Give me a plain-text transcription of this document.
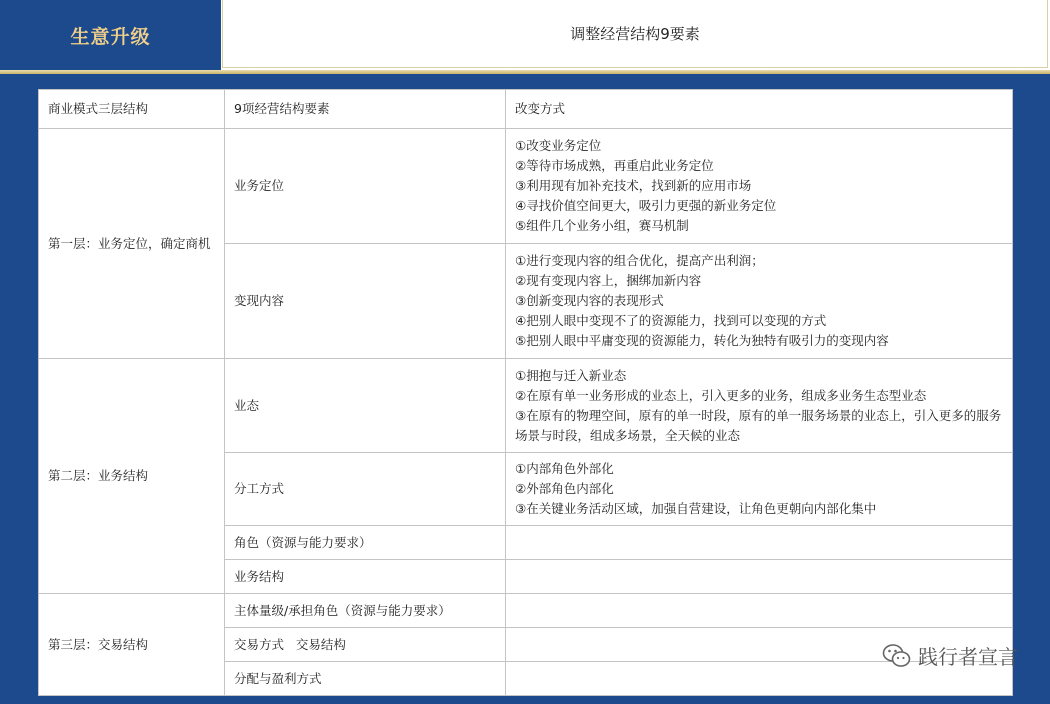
生意升级	调整经营结构9要素
商业模式三层结构	9项经营结构要素	改变方式
第一层：业务定位，确定商机	业务定位	①改变业务定位
②等待市场成熟，再重启此业务定位
③利用现有加补充技术，找到新的应用市场
④寻找价值空间更大，吸引力更强的新业务定位
⑤组件几个业务小组，赛马机制

	变现内容	①进行变现内容的组合优化，提高产出利润；
②现有变现内容上，捆绑加新内容
③创新变现内容的表现形式
④把别人眼中变现不了的资源能力，找到可以变现的方式
⑤把别人眼中平庸变现的资源能力，转化为独特有吸引力的变现内容

第二层：业务结构	业态	①拥抱与迁入新业态
②在原有单一业务形成的业态上，引入更多的业务，组成多业务生态型业态
③在原有的物理空间，原有的单一时段，原有的单一服务场景的业态上，引入更多的服务场景与时段，组成多场景，全天候的业态

	分工方式	①内部角色外部化
②外部角色内部化
③在关键业务活动区域，加强自营建设，让角色更朝向内部化集中

	角色（资源与能力要求）	
	业务结构	
第三层：交易结构	主体量级/承担角色（资源与能力要求）	
	交易方式   交易结构	
	分配与盈利方式	
践行者宣言
